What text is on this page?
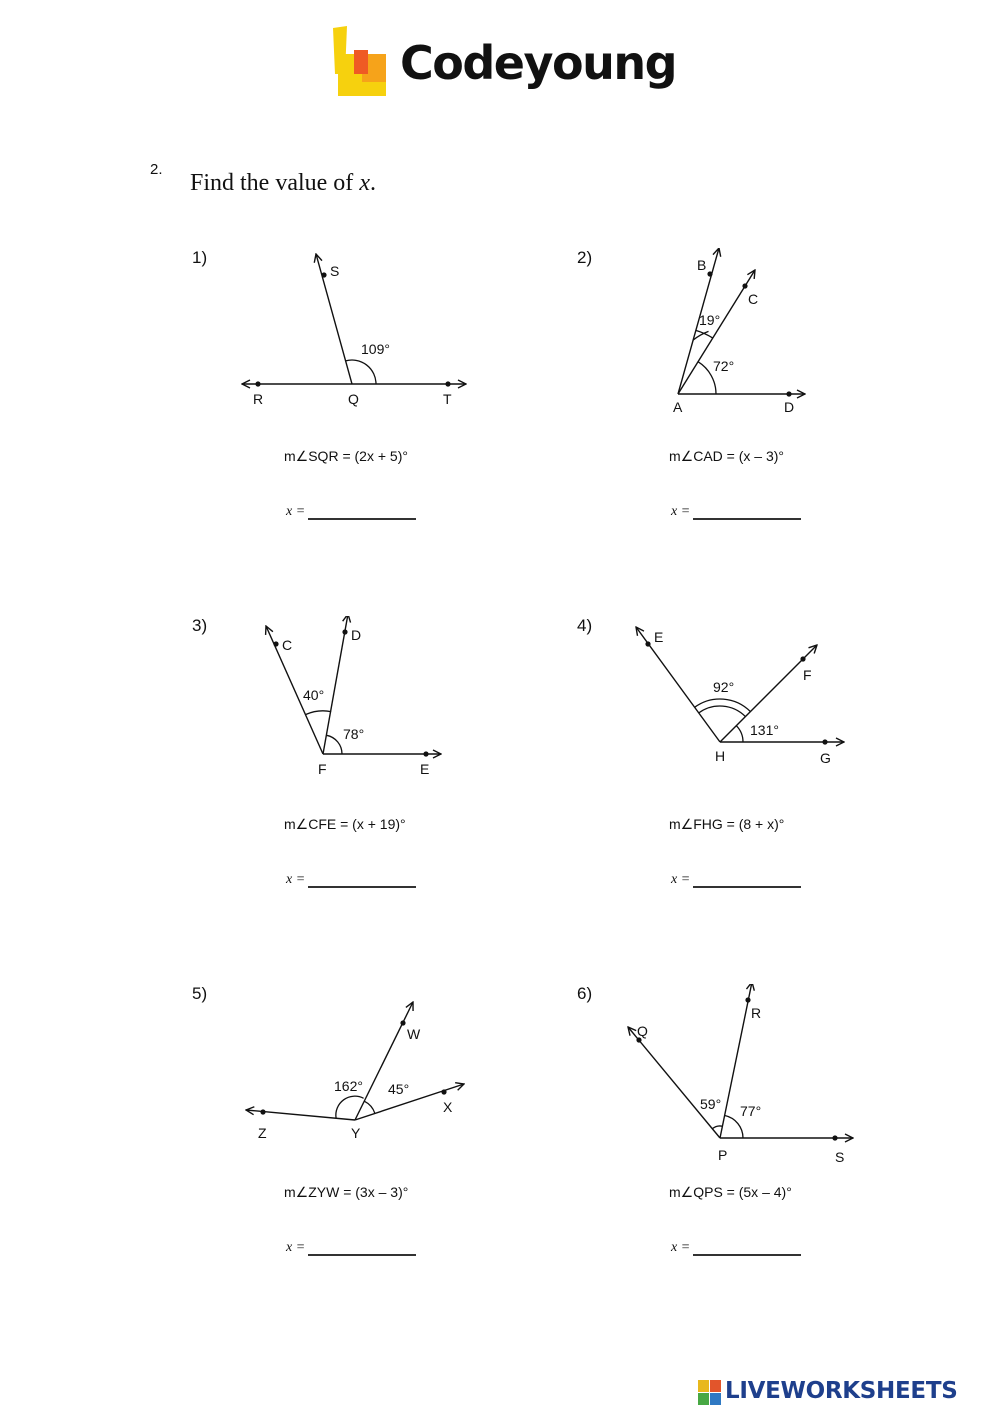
Codeyoung
2.
Find the value of x.
1)
S
R	Q	T
109°
m∠SQR = (2x + 5)°
x =
2)	B
C
A	D
19°
72°
m∠CAD = (x – 3)°
x =
3)
C
D
F	E
40°
78°
m∠CFE = (x + 19)°
x =
4)
E
F
H	G
92°
131°
m∠FHG = (8 + x)°
x =
5)
W
X
Z	Y
162° 45°
m∠ZYW = (3x – 3)°
x =
6)
Q
R
P	S
59° 77°
m∠QPS = (5x – 4)°
x =
LIVEWORKSHEETS
